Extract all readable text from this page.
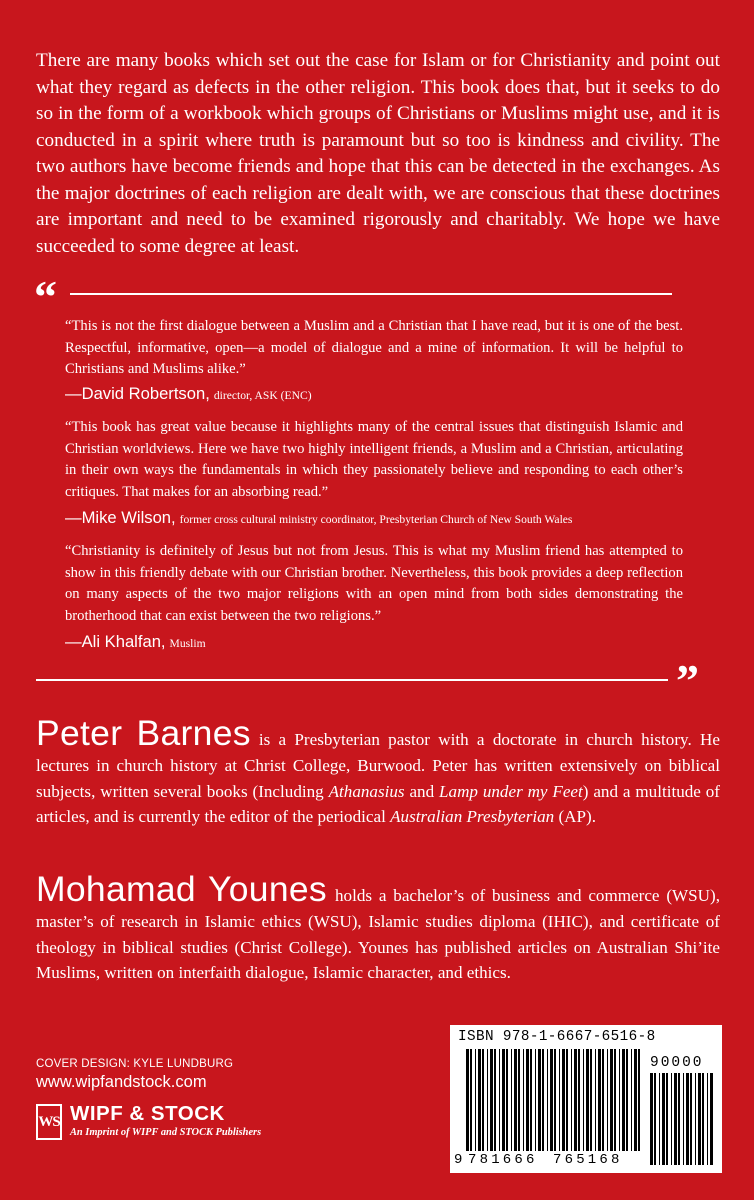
There are many books which set out the case for Islam or for Christianity and point out what they regard as defects in the other religion. This book does that, but it seeks to do so in the form of a workbook which groups of Christians or Muslims might use, and it is conducted in a spirit where truth is paramount but so too is kindness and civility. The two authors have become friends and hope that this can be detected in the exchanges. As the major doctrines of each religion are dealt with, we are conscious that these doctrines are important and need to be examined rigorously and charitably. We hope we have succeeded to some degree at least.

“

“This is not the first dialogue between a Muslim and a Christian that I have read, but it is one of the best. Respectful, informative, open—a model of dialogue and a mine of information. It will be helpful to Christians and Muslims alike.”

—David Robertson, director, ASK (ENC)

“This book has great value because it highlights many of the central issues that distinguish Islamic and Christian worldviews. Here we have two highly intelligent friends, a Muslim and a Christian, articulating in their own ways the fundamentals in which they passionately believe and responding to each other’s critiques. That makes for an absorbing read.”

—Mike Wilson, former cross cultural ministry coordinator, Presbyterian Church of New South Wales

“Christianity is definitely of Jesus but not from Jesus. This is what my Muslim friend has attempted to show in this friendly debate with our Christian brother. Nevertheless, this book provides a deep reflection on many aspects of the two major religions with an open mind from both sides demonstrating the brotherhood that can exist between the two religions.”

—Ali Khalfan, Muslim
”

Peter Barnes is a Presbyterian pastor with a doctorate in church history. He lectures in church history at Christ College, Burwood. Peter has written extensively on biblical subjects, written several books (Including Athanasius and Lamp under my Feet) and a multitude of articles, and is currently the editor of the periodical Australian Presbyterian (AP).

Mohamad Younes holds a bachelor’s of business and commerce (WSU), master’s of research in Islamic ethics (WSU), Islamic studies diploma (IHIC), and certificate of theology in biblical studies (Christ College). Younes has published articles on Australian Shi’ite Muslims, written on interfaith dialogue, Islamic character, and ethics.

COVER DESIGN: KYLE LUNDBURG
www.wipfandstock.com
WS WIPF & STOCK
An Imprint of WIPF and STOCK Publishers
ISBN 978-1-6667-6516-8
90000
9 781666 765168
